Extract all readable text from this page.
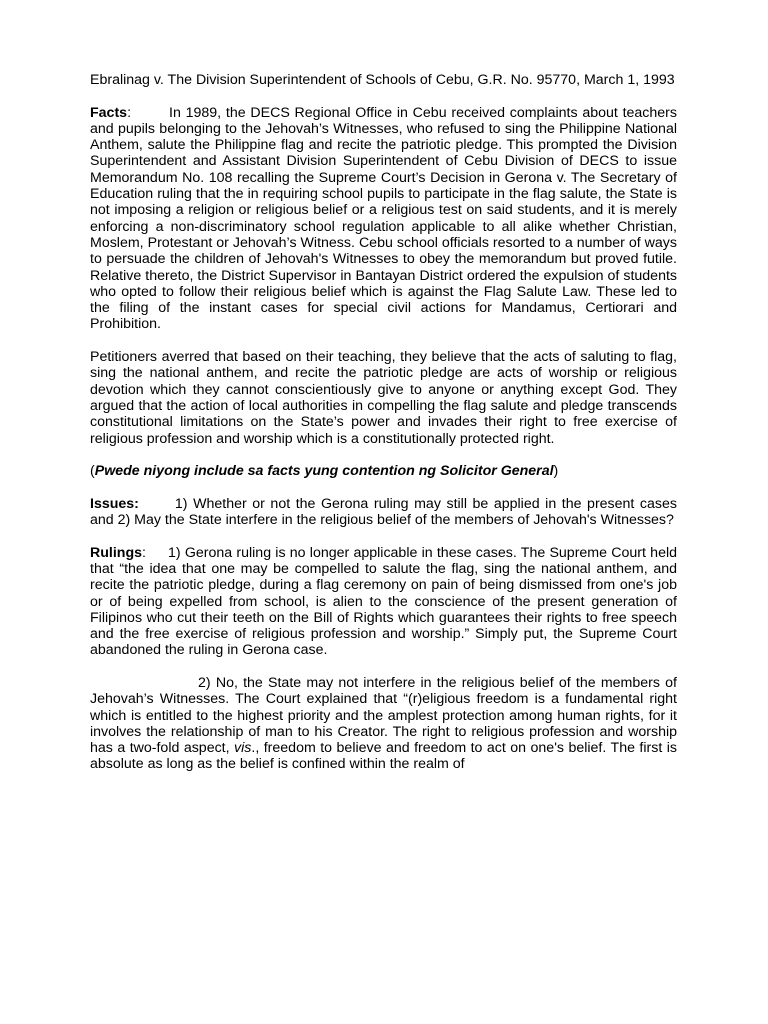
Ebralinag v. The Division Superintendent of Schools of Cebu, G.R. No. 95770, March 1, 1993

Facts:	In 1989, the DECS Regional Office in Cebu received complaints about teachers and pupils belonging to the Jehovah’s Witnesses, who refused to sing the Philippine National Anthem, salute the Philippine flag and recite the patriotic pledge. This prompted the Division Superintendent and Assistant Division Superintendent of Cebu Division of DECS to issue Memorandum No. 108 recalling the Supreme Court’s Decision in Gerona v. The Secretary of Education ruling that the in requiring school pupils to participate in the flag salute, the State is not imposing a religion or religious belief or a religious test on said students, and it is merely enforcing a non-discriminatory school regulation applicable to all alike whether Christian, Moslem, Protestant or Jehovah’s Witness. Cebu school officials resorted to a number of ways to persuade the children of Jehovah's Witnesses to obey the memorandum but proved futile. Relative thereto, the District Supervisor in Bantayan District ordered the expulsion of students who opted to follow their religious belief which is against the Flag Salute Law. These led to the filing of the instant cases for special civil actions for Mandamus, Certiorari and Prohibition.

Petitioners averred that based on their teaching, they believe that the acts of saluting to flag, sing the national anthem, and recite the patriotic pledge are acts of worship or religious devotion which they cannot conscientiously give to anyone or anything except God. They argued that the action of local authorities in compelling the flag salute and pledge transcends constitutional limitations on the State’s power and invades their right to free exercise of religious profession and worship which is a constitutionally protected right.

(Pwede niyong include sa facts yung contention ng Solicitor General)

Issues:	1) Whether or not the Gerona ruling may still be applied in the present cases and 2) May the State interfere in the religious belief of the members of Jehovah's Witnesses?

Rulings: 1) Gerona ruling is no longer applicable in these cases. The Supreme Court held that “the idea that one may be compelled to salute the flag, sing the national anthem, and recite the patriotic pledge, during a flag ceremony on pain of being dismissed from one's job or of being expelled from school, is alien to the conscience of the present generation of Filipinos who cut their teeth on the Bill of Rights which guarantees their rights to free speech and the free exercise of religious profession and worship.” Simply put, the Supreme Court abandoned the ruling in Gerona case.

2) No, the State may not interfere in the religious belief of the members of Jehovah’s Witnesses. The Court explained that “(r)eligious freedom is a fundamental right which is entitled to the highest priority and the amplest protection among human rights, for it involves the relationship of man to his Creator. The right to religious profession and worship has a two-fold aspect, vis., freedom to believe and freedom to act on one's belief. The first is absolute as long as the belief is confined within the realm of
